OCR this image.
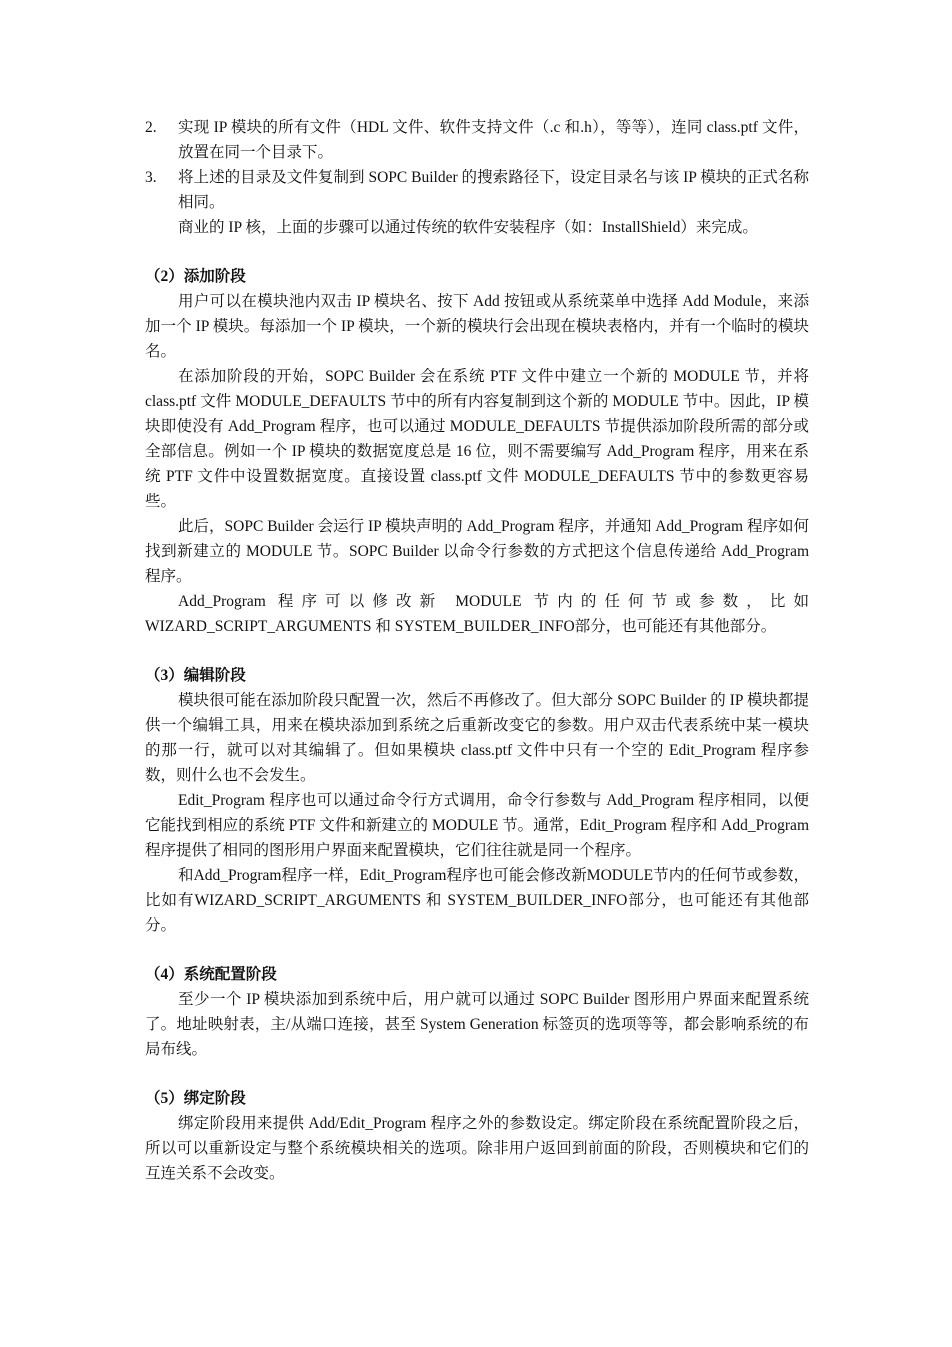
2.	实现 IP 模块的所有文件（HDL 文件、软件支持文件（.c 和.h），等等），连同 class.ptf 文件，放置在同一个目录下。
3.	将上述的目录及文件复制到 SOPC Builder 的搜索路径下，设定目录名与该 IP 模块的正式名称相同。

商业的 IP 核，上面的步骤可以通过传统的软件安装程序（如：InstallShield）来完成。

（2）添加阶段

用户可以在模块池内双击 IP 模块名、按下 Add 按钮或从系统菜单中选择 Add Module，来添加一个 IP 模块。每添加一个 IP 模块，一个新的模块行会出现在模块表格内，并有一个临时的模块名。

在添加阶段的开始，SOPC Builder 会在系统 PTF 文件中建立一个新的 MODULE 节，并将 class.ptf 文件 MODULE_DEFAULTS 节中的所有内容复制到这个新的 MODULE 节中。因此，IP 模块即使没有 Add_Program 程序，也可以通过 MODULE_DEFAULTS 节提供添加阶段所需的部分或全部信息。例如一个 IP 模块的数据宽度总是 16 位，则不需要编写 Add_Program 程序，用来在系统 PTF 文件中设置数据宽度。直接设置 class.ptf 文件 MODULE_DEFAULTS 节中的参数更容易些。

此后，SOPC Builder 会运行 IP 模块声明的 Add_Program 程序，并通知 Add_Program 程序如何找到新建立的 MODULE 节。SOPC Builder 以命令行参数的方式把这个信息传递给 Add_Program 程序。

Add_Program 程序可以修改新 MODULE 节内的任何节或参数，比如 WIZARD_SCRIPT_ARGUMENTS 和 SYSTEM_BUILDER_INFO部分，也可能还有其他部分。

（3）编辑阶段

模块很可能在添加阶段只配置一次，然后不再修改了。但大部分 SOPC Builder 的 IP 模块都提供一个编辑工具，用来在模块添加到系统之后重新改变它的参数。用户双击代表系统中某一模块的那一行，就可以对其编辑了。但如果模块 class.ptf 文件中只有一个空的 Edit_Program 程序参数，则什么也不会发生。

Edit_Program 程序也可以通过命令行方式调用，命令行参数与 Add_Program 程序相同，以便它能找到相应的系统 PTF 文件和新建立的 MODULE 节。通常，Edit_Program 程序和 Add_Program 程序提供了相同的图形用户界面来配置模块，它们往往就是同一个程序。

和Add_Program程序一样，Edit_Program程序也可能会修改新MODULE节内的任何节或参数，比如有WIZARD_SCRIPT_ARGUMENTS 和 SYSTEM_BUILDER_INFO部分，也可能还有其他部分。

（4）系统配置阶段

至少一个 IP 模块添加到系统中后，用户就可以通过 SOPC Builder 图形用户界面来配置系统了。地址映射表，主/从端口连接，甚至 System Generation 标签页的选项等等，都会影响系统的布局布线。

（5）绑定阶段

绑定阶段用来提供 Add/Edit_Program 程序之外的参数设定。绑定阶段在系统配置阶段之后，所以可以重新设定与整个系统模块相关的选项。除非用户返回到前面的阶段，否则模块和它们的互连关系不会改变。
